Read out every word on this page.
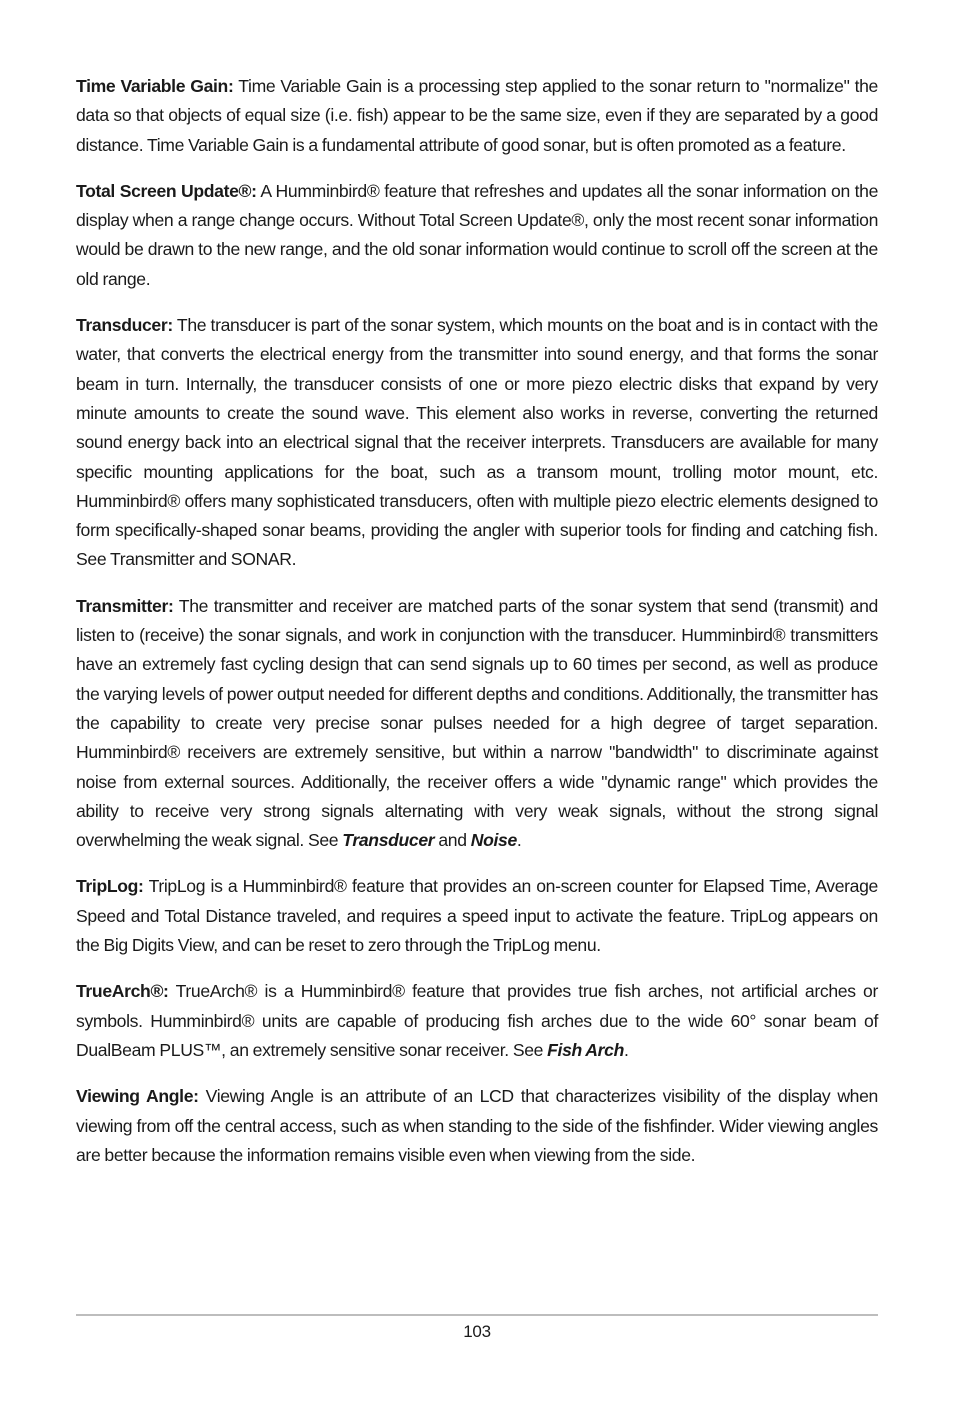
Time Variable Gain: Time Variable Gain is a processing step applied to the sonar return to "normalize" the data so that objects of equal size (i.e. fish) appear to be the same size, even if they are separated by a good distance. Time Variable Gain is a fundamental attribute of good sonar, but is often promoted as a feature.

Total Screen Update®: A Humminbird® feature that refreshes and updates all the sonar information on the display when a range change occurs. Without Total Screen Update®, only the most recent sonar information would be drawn to the new range, and the old sonar information would continue to scroll off the screen at the old range.

Transducer: The transducer is part of the sonar system, which mounts on the boat and is in contact with the water, that converts the electrical energy from the transmitter into sound energy, and that forms the sonar beam in turn. Internally, the transducer consists of one or more piezo electric disks that expand by very minute amounts to create the sound wave. This element also works in reverse, converting the returned sound energy back into an electrical signal that the receiver interprets. Transducers are available for many specific mounting applications for the boat, such as a transom mount, trolling motor mount, etc. Humminbird® offers many sophisticated transducers, often with multiple piezo electric elements designed to form specifically-shaped sonar beams, providing the angler with superior tools for finding and catching fish. See Transmitter and SONAR.

Transmitter: The transmitter and receiver are matched parts of the sonar system that send (transmit) and listen to (receive) the sonar signals, and work in conjunction with the transducer. Humminbird® transmitters have an extremely fast cycling design that can send signals up to 60 times per second, as well as produce the varying levels of power output needed for different depths and conditions. Additionally, the transmitter has the capability to create very precise sonar pulses needed for a high degree of target separation. Humminbird® receivers are extremely sensitive, but within a narrow "bandwidth" to discriminate against noise from external sources. Additionally, the receiver offers a wide "dynamic range" which provides the ability to receive very strong signals alternating with very weak signals, without the strong signal overwhelming the weak signal. See Transducer and Noise.

TripLog: TripLog is a Humminbird® feature that provides an on-screen counter for Elapsed Time, Average Speed and Total Distance traveled, and requires a speed input to activate the feature. TripLog appears on the Big Digits View, and can be reset to zero through the TripLog menu.

TrueArch®: TrueArch® is a Humminbird® feature that provides true fish arches, not artificial arches or symbols. Humminbird® units are capable of producing fish arches due to the wide 60° sonar beam of DualBeam PLUS™, an extremely sensitive sonar receiver. See Fish Arch.

Viewing Angle: Viewing Angle is an attribute of an LCD that characterizes visibility of the display when viewing from off the central access, such as when standing to the side of the fishfinder. Wider viewing angles are better because the information remains visible even when viewing from the side.

103
